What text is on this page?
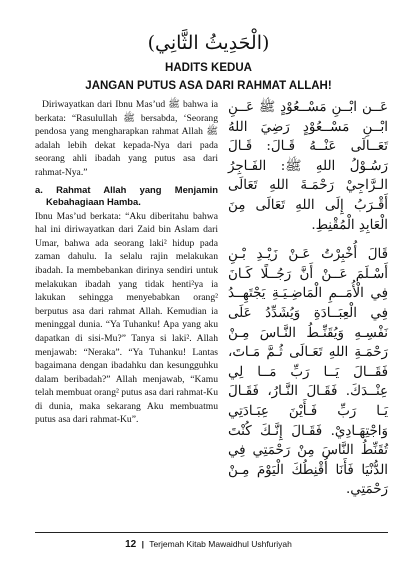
(الْحَدِيثُ الثَّانِي)
HADITS KEDUA
JANGAN PUTUS ASA DARI RAHMAT ALLAH!

Diriwayatkan dari Ibnu Mas’ud ﷺ bahwa ia berkata: “Rasulullah ﷺ bersabda, ‘Seorang pendosa yang mengharapkan rahmat Allah ﷺ adalah lebih dekat kepada-Nya dari pada seorang ahli ibadah yang putus asa dari rahmat-Nya.”

a. Rahmat Allah yang Menjamin Kebahagiaan Hamba.

Ibnu Mas’ud berkata: “Aku diberitahu bahwa hal ini diriwayatkan dari Zaid bin Aslam dari Umar, bahwa ada seorang laki² hidup pada zaman dahulu. Ia selalu rajin melakukan ibadah. Ia membebankan dirinya sendiri untuk melakukan ibadah yang tidak henti²ya ia lakukan sehingga menyebabkan orang² berputus asa dari rahmat Allah. Kemudian ia meninggal dunia. “Ya Tuhanku! Apa yang aku dapatkan di sisi-Mu?” Tanya si laki². Allah menjawab: “Neraka”. “Ya Tuhanku! Lantas bagaimana dengan ibadahku dan kesungguhku dalam beribadah?” Allah menjawab, “Kamu telah membuat orang² putus asa dari rahmat-Ku di dunia, maka sekarang Aku membuatmu putus asa dari rahmat-Ku”.

عَــن ابْــنِ مَسْــعُوْدٍ ﷺ عَــنِ ابْــنِ مَسْــعُوْدٍ رَضِيَ اللهُ تَعَــالَى عَنْــهُ قَـالَ: قَـالَ رَسُـوْلُ اللهِ ﷺ: الفَـاجِرُ الـرَّاجِيْ رَحْمَـةَ اللهِ تَعَالَى أَقْـرَبُ إِلَى اللهِ تَعَالَى مِنَ الْعَابِدِ الْمُقْنِطِ.

قَالَ أُخْبِرْتُ عَـنْ زَيْـدِ بْـنِ أَسْـلَمَ عَــنْ أَنَّ رَجُــلًا كَـانَ فِي الْأُمَــمِ الْمَاضِـيَـةِ يَجْتَهِــدُ فِي الْعِبَــادَةِ وَيُشَدِّدُ عَلَى نَفْسِـهِ وَيُقَنِّـطُ النَّـاسَ مِـنْ رَحْمَـةِ اللهِ تَعَـالَى ثُـمَّ مَـاتَ، فَقَــالَ يَــا رَبِّ مَــا لِي عِنْــدَكَ. فَقَـالَ النَّـارُ، فَقَـالَ يَـا رَبِّ فَـأَيْنَ عِبَـادَتِي وَاجْتِهَـادِيْ. فَقَـالَ إِنَّـكَ كُنْتَ تُقَنِّطُ النَّاسَ مِنْ رَحْمَتِي فِي الدُّنْيَا فَأَنَا أُقْنِطُكَ الْيَوْمَ مِـنْ رَحْمَتِي.

12 | Terjemah Kitab Mawaidhul Ushfuriyah
